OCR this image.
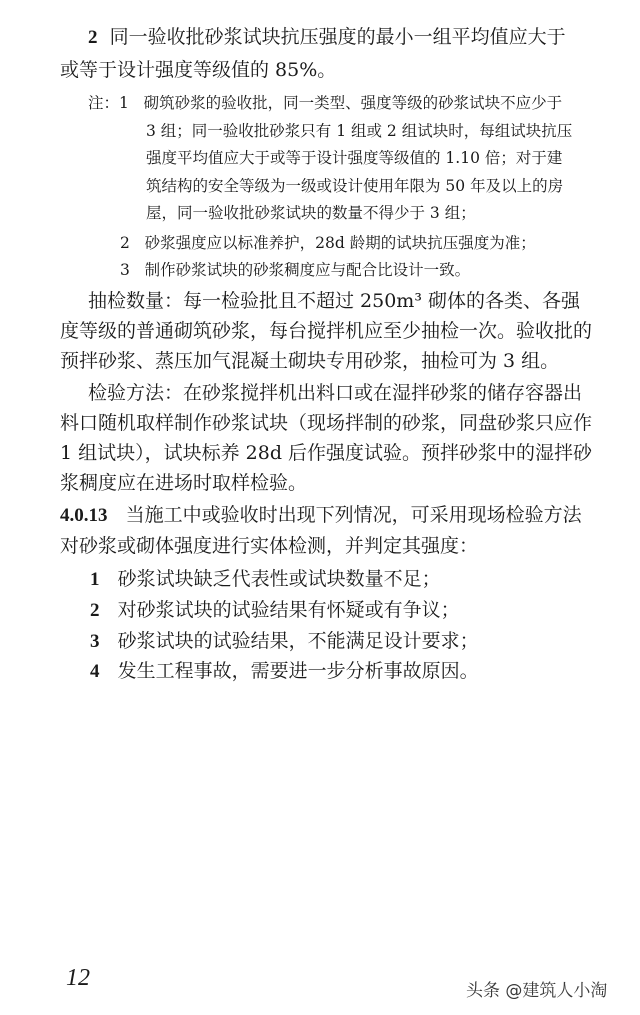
2 同一验收批砂浆试块抗压强度的最小一组平均值应大于
或等于设计强度等级值的 85%。
注：1 砌筑砂浆的验收批，同一类型、强度等级的砂浆试块不应少于
3 组；同一验收批砂浆只有 1 组或 2 组试块时，每组试块抗压
强度平均值应大于或等于设计强度等级值的 1.10 倍；对于建
筑结构的安全等级为一级或设计使用年限为 50 年及以上的房
屋，同一验收批砂浆试块的数量不得少于 3 组；
2 砂浆强度应以标准养护，28d 龄期的试块抗压强度为准；
3 制作砂浆试块的砂浆稠度应与配合比设计一致。
抽检数量：每一检验批且不超过 250m³ 砌体的各类、各强
度等级的普通砌筑砂浆，每台搅拌机应至少抽检一次。验收批的
预拌砂浆、蒸压加气混凝土砌块专用砂浆，抽检可为 3 组。
检验方法：在砂浆搅拌机出料口或在湿拌砂浆的储存容器出
料口随机取样制作砂浆试块（现场拌制的砂浆，同盘砂浆只应作
1 组试块），试块标养 28d 后作强度试验。预拌砂浆中的湿拌砂
浆稠度应在进场时取样检验。
4.0.13 当施工中或验收时出现下列情况，可采用现场检验方法
对砂浆或砌体强度进行实体检测，并判定其强度：
1 砂浆试块缺乏代表性或试块数量不足；
2 对砂浆试块的试验结果有怀疑或有争议；
3 砂浆试块的试验结果，不能满足设计要求；
4 发生工程事故，需要进一步分析事故原因。
12	头条 @建筑人小淘
